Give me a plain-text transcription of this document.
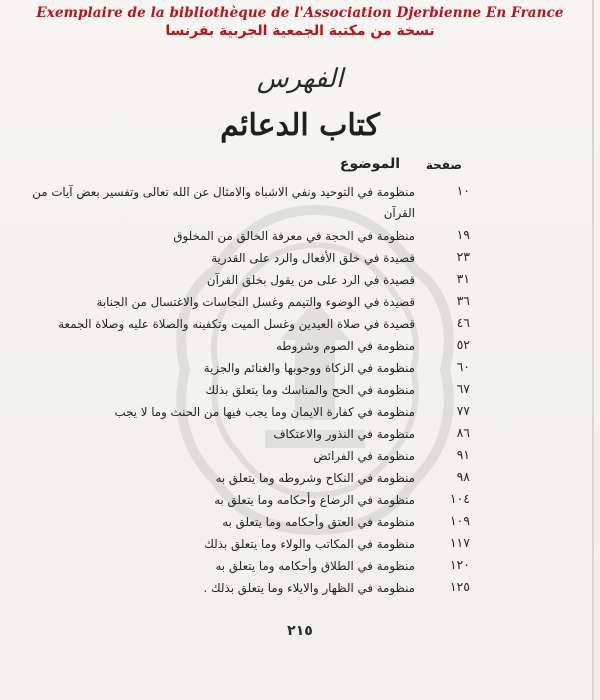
Exemplaire de la bibliothèque de l'Association Djerbienne En France
نسخة من مكتبة الجمعية الجربية بفرنسا
الفهرس
كتاب الدعائم
صفحة
الموضوع
١٠
منظومة في التوحيد ونفي الاشباه والامثال عن الله تعالى وتفسير بعض آيات من القرآن
١٩
منظومة في الحجة في معرفة الخالق من المخلوق
٢٣
قصيدة في خلق الأفعال والرد على القدرية
٣١
قصيدة في الرد على من يقول بخلق القرآن
٣٦
قصيدة في الوضوء والتيمم وغسل النجاسات والاغتسال من الجنابة
٤٦
قصيدة في صلاة العيدين وغسل الميت وتكفينه والصلاة عليه وصلاة الجمعة
٥٢
منظومة في الصوم وشروطه
٦٠
منظومة في الزكاة ووجوبها والغنائم والجزية
٦٧
منظومة في الحج والمناسك وما يتعلق بذلك
٧٧
منظومة في كفارة الايمان وما يجب فيها من الحنث وما لا يجب
٨٦
منظومة في النذور والاعتكاف
٩١
منظومة في الفرائض
٩٨
منظومة في النكاح وشروطه وما يتعلق به
١٠٤
منظومة في الرضاع وأحكامه وما يتعلق به
١٠٩
منظومة في العتق وأحكامه وما يتعلق به
١١٧
منظومة في المكاتب والولاء وما يتعلق بذلك
١٢٠
منظومة في الطلاق وأحكامه وما يتعلق به
١٢٥
منظومة في الظهار والايلاء وما يتعلق بذلك .
٢١٥
